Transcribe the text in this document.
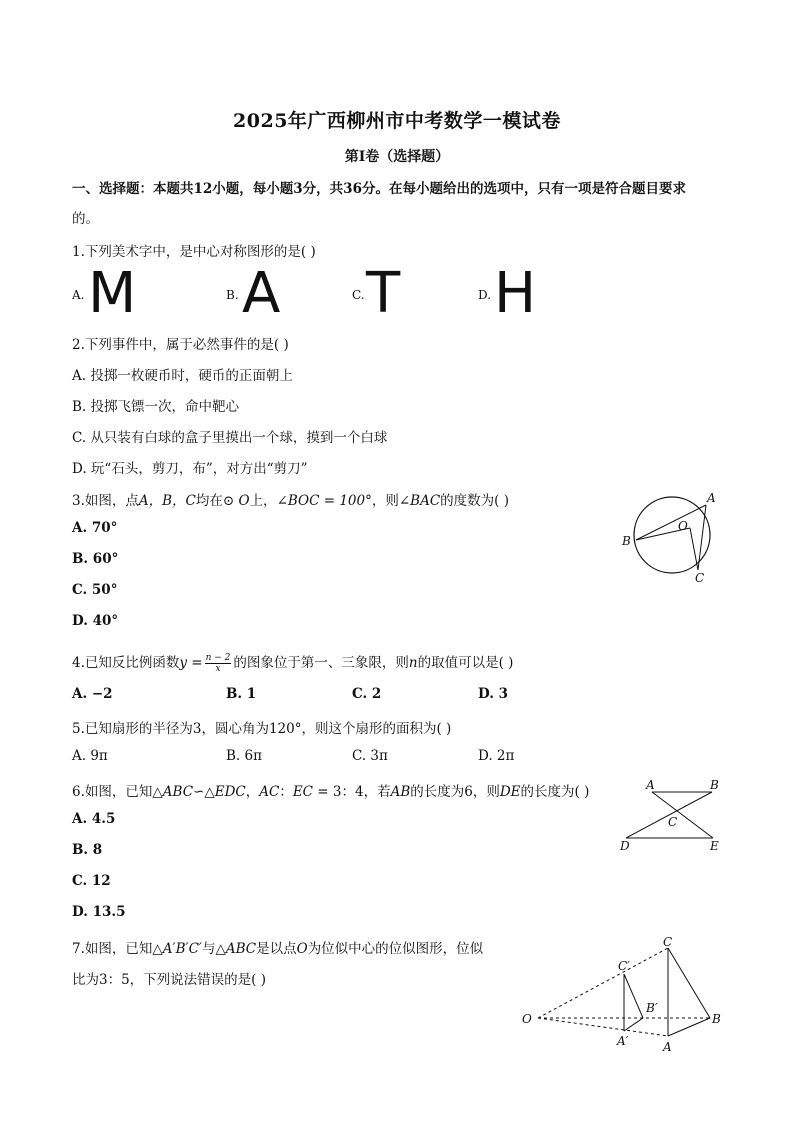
2025年广西柳州市中考数学一模试卷
第I卷（选择题）
一、选择题：本题共12小题，每小题3分，共36分。在每小题给出的选项中，只有一项是符合题目要求
的。
1.下列美术字中，是中心对称图形的是( )
A. M	B. A	C. T	D. H
2.下列事件中，属于必然事件的是( )
A. 投掷一枚硬币时，硬币的正面朝上
B. 投掷飞镖一次，命中靶心
C. 从只装有白球的盒子里摸出一个球，摸到一个白球
D. 玩“石头，剪刀，布”，对方出“剪刀”
3.如图，点A，B，C均在⊙ O上，∠BOC = 100°，则∠BAC的度数为( )
A. 70°
B. 60°
C. 50°
D. 40°
A
B
C
O
4.已知反比例函数$y = \frac{n - 2}{x}$ 的图象位于第一、三象限，则n的取值可以是( )
A. −2	B. 1	C. 2	D. 3
5.已知扇形的半径为3，圆心角为120°，则这个扇形的面积为( )
A. 9π	B. 6π	C. 3π	D. 2π
6.如图，已知△ABC∽△EDC，AC：EC = 3：4，若AB的长度为6，则DE的长度为( )
A. 4.5
B. 8
C. 12
D. 13.5
A	B
C
D	E
7.如图，已知△A′B′C′与△ABC是以点O为位似中心的位似图形，位似
比为3：5，下列说法错误的是( )
O
C
B
A
C′
B′
A′
